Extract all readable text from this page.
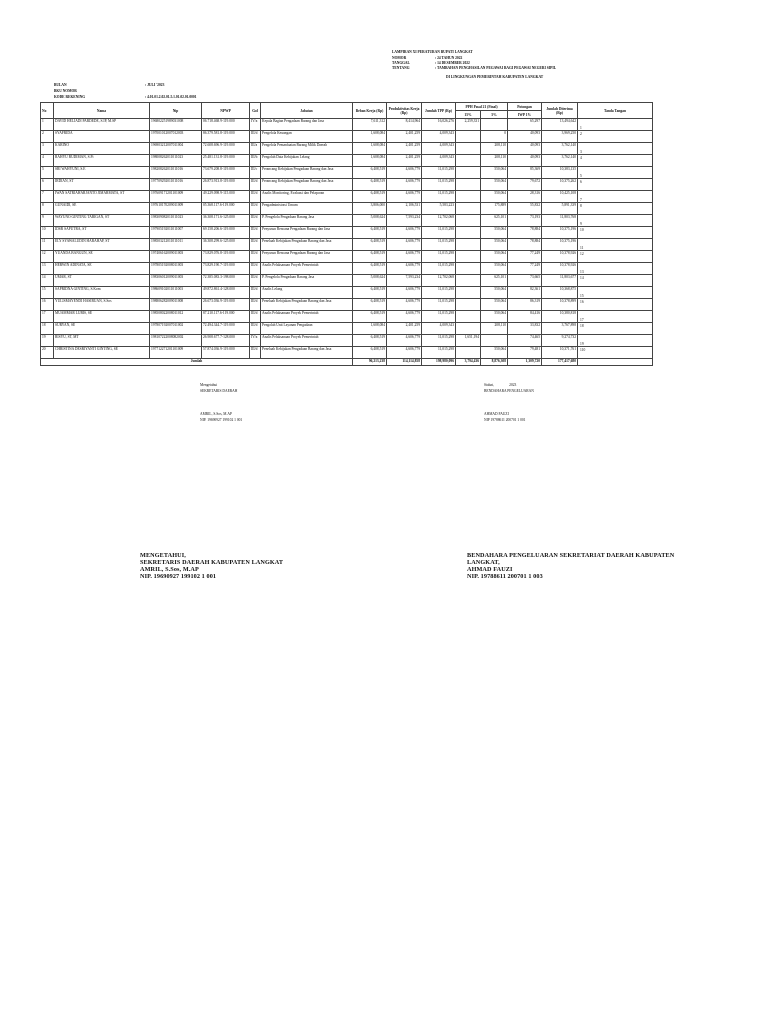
LAMPIRAN XI PERATURAN BUPATI LANGKAT
NOMOR	: 24 TAHUN 2022
TANGGAL	: 14 DESEMBER 2022
TENTANG	: TAMBAHAN PENGHASILAN PEGAWAI BAGI PEGAWAI NEGERI SIPIL
DI LINGKUNGAN PEMERINTAH KABUPATEN LANGKAT
BULAN	: JULI '2023
BKU NOMOR
KODE REKENING	: 4.01.01.2.02.01.5.1.01.02.01.0001
No	Nama	Nip	NPWP	Gol	Jabatan	Beban Kerja (Rp)	Produktivitas Kerja (Rp)	Jumlah TPP (Rp)	PPH Pasal 21 (Final)		Potongan	Jumlah Diterima (Rp)	Tanda Tangan
									15%	5%	IWP 1%		
1	DAVID HELIADI PARDEDE, S.IP, M.SP	196802251989031008	06.718.468.9-119.000	IV/a	Kepala Bagian Pengadaan Barang dan Jasa	7,611,312	8,414,964	16,026,276	2,259,331		65,297	13,494,642	1

2	SYAFRIDA	197001012007012003	86.379.581.8-119.000	III/d	Pengelola Keuangan	1,608,084	2,401,259	4,009,343		0	40,093	3,969,250	2

3	KARINO	196903212007011004	72.608.696.9-119.000	III/a	Pengelola Pemanfaatan Barang Milik Daerah	1,608,084	2,401,259	4,009,343		208,110	40,093	3,762,140	3

4	RAHYU BUDIMAN, S.Pi	198008262011011023	25.481.131.8-119.000	III/b	Pengolah Data Kebijakan Lelang	1,608,084	2,401,259	4,009,343		208,110	40,093	3,762,140	4

5	SRI WAHYUNI, S.E	198208262011011016	73.679.208.8-119.000	III/c	Perancang Kebijakan Pengadaan Barang dan Jasa	6,408,519	4,606,779	11,015,298		550,064	85,369	10,383,135	5

6	IRDIAN, ST	197709292011011016	26.873.913.8-119.000	III/d	Perancang Kebijakan Pengadaan Barang dan Jasa	6,408,519	4,606,779	11,015,298		550,064	79,672	10,375,262	6

7	IWAN SATRIAHARJANTO JIMARMATA, ST	197609171201101009	49.229.098.9-115.000	III/d	Analis Monitoring, Evaluasi dan Pelaporan	6,408,519	4,606,779	11,015,298		550,064	28,316	10,425,108	7

8	GUNAIDI, SE	197610170209011009	05.368.117.6-119.000	III/d	Pengadministrasi Umum	3,806,000	2,106,531	5,583,223		175,889	55,832	5,891,339	8

9	WAYUNO GINTING TARIGAN, ST	198309082011011023	36.308.171.6-125.000	III/d	P. Pengelola Pengadaan Barang Jasa	5,008,624	7,593,234	12,702,068		625,101	73,193	11,803,768	9

10	IDSR SAPUTRA, ST	197905192011011007	69.158.206.6-119.000	III/d	Penyusun Rencana Pengadaan Barang dan Jasa	6,408,519	4,606,779	11,015,298		550,064	78,884	10,375,196	10

11	ELY SYAWALUDIN HARAHAP, ST	198503212011011011	36.308.299.6-125.000	III/d	Penelaah Kebijakan Pengadaan Barang dan Jasa	6,408,519	4,606,779	11,015,298		550,064	78,884	10,375,196	11

12	YUANDA BANGUN, SE	197406162009011003	73.829.076.8-119.000	III/d	Penyusun Rencana Pengadaan Barang dan Jasa	6,408,519	4,606,779	11,015,298		550,064	77,249	10,378,926	12

13	HERWIN ADINATA, SE	197805192008011003	73.829.190.7-119.000	III/d	Analis Pelaksanaan Proyek Pemerintah	6,408,519	4,606,779	11,015,298		550,064	77,249	10,378,926	13

14	UMAR, ST	198306012009011003	72.385.083.3-198.000	III/d	P. Pengelola Pengadaan Barang Jasa	5,008,624	7,593,234	12,702,068		625,101	73,665	11,803,677	14

15	SAPRIDNA GINTING, S.Kom	198609102011011003	49.872.861.4-128.000	III/d	Analis Lelang	6,408,519	4,606,779	11,015,298		550,064	82,361	10,368,875	15

16	YULISMAYENDI HASIBUAN, S.Sos	198806282009011008	26.673.036.9-119.000	III/d	Penelaah Kebijakan Pengadaan Barang dan Jasa	6,408,519	4,606,779	11,015,298		550,064	86,319	10,378,899	16

17	MUAMMAR LUBIS, SE	198508022008011012	87.210.117.6-119.000	III/d	Analis Pelaksanaan Proyek Pemerintah	6,408,519	4,606,779	11,015,298		550,064	84,416	10,380,818	17

18	SURYAN, SE	197807192007011002	72.494.344.7-119.000	III/d	Pengolah Unit Layanan Pengadaan	1,608,084	2,401,259	4,009,343		208,110	33,832	3,767,898	18

19	RISYU, ST, MT	198107222008082002	26.908.677.7-128.000	IV/a	Analis Pelaksanaan Proyek Pemerintah	6,408,519	4,606,779	11,015,298	1,651,194		74,465	9,274,732	19

20	CHRISTINA DESRIYANTI GINTING, SE	197712271201101009	57.874.036.9-119.000	III/d	Penelaah Kebijakan Pengadaan Barang dan Jasa	6,408,519	4,606,779	11,015,298		550,064	79,481	10,371,761	110

Jumlah						96,213,238	114,114,858	198,980,096	3,794,436	8,876,308	1,309,720	177,417,680	
Mengetahui
SEKRETARIS DAERAH
AMRIL, S.Sos, M.AP
NIP. 19690927 199102 1 001
Stabat,                 2023
BENDAHARA PENGELUARAN
AHMAD FAUZI
NIP 19788611 200701 1 001
MENGETAHUI,
SEKRETARIS DAERAH KABUPATEN LANGKAT
AMRIL, S.Sos, M.AP
NIP. 19690927 199102 1 001
BENDAHARA PENGELUARAN SEKRETARIAT DAERAH KABUPATEN
LANGKAT,
AHMAD FAUZI
NIP. 19788611 200701 1 003
